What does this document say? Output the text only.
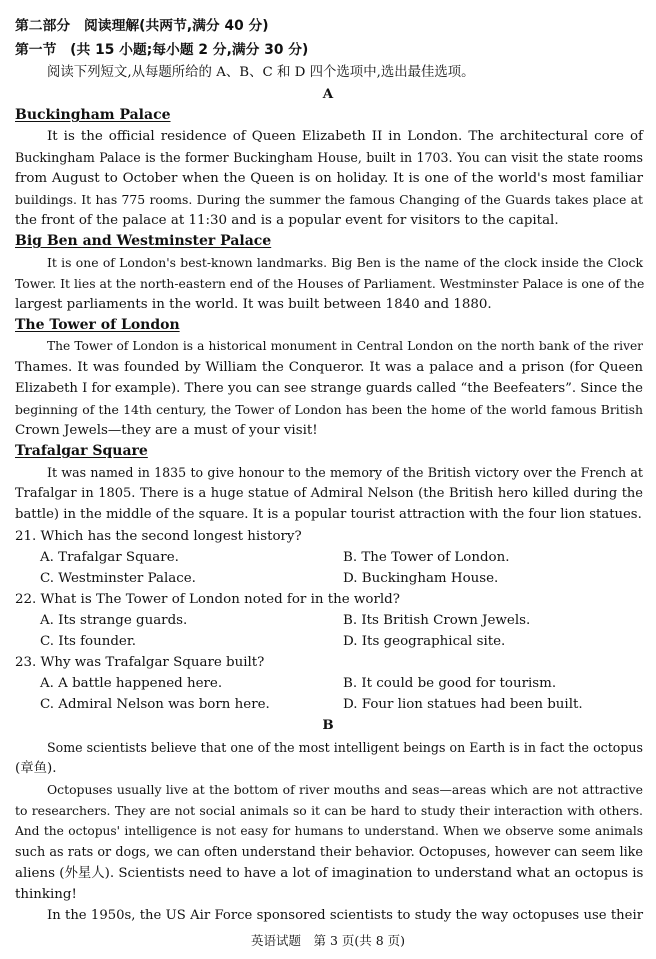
第二部分　阅读理解(共两节,满分 40 分)
第一节　(共 15 小题;每小题 2 分,满分 30 分)
阅读下列短文,从每题所给的 A、B、C 和 D 四个选项中,选出最佳选项。
A
Buckingham Palace
It is the official residence of Queen Elizabeth II in London. The architectural core of
Buckingham Palace is the former Buckingham House, built in 1703. You can visit the state rooms
from August to October when the Queen is on holiday. It is one of the world's most familiar
buildings. It has 775 rooms. During the summer the famous Changing of the Guards takes place at
the front of the palace at 11:30 and is a popular event for visitors to the capital.
Big Ben and Westminster Palace
It is one of London's best-known landmarks. Big Ben is the name of the clock inside the Clock
Tower. It lies at the north-eastern end of the Houses of Parliament. Westminster Palace is one of the
largest parliaments in the world. It was built between 1840 and 1880.
The Tower of London
The Tower of London is a historical monument in Central London on the north bank of the river
Thames. It was founded by William the Conqueror. It was a palace and a prison (for Queen
Elizabeth I for example). There you can see strange guards called “the Beefeaters”. Since the
beginning of the 14th century, the Tower of London has been the home of the world famous British
Crown Jewels—they are a must of your visit!
Trafalgar Square
It was named in 1835 to give honour to the memory of the British victory over the French at
Trafalgar in 1805. There is a huge statue of Admiral Nelson (the British hero killed during the
battle) in the middle of the square. It is a popular tourist attraction with the four lion statues.
21. Which has the second longest history?
A. Trafalgar Square.	B. The Tower of London.
C. Westminster Palace.	D. Buckingham House.
22. What is The Tower of London noted for in the world?
A. Its strange guards.	B. Its British Crown Jewels.
C. Its founder.	D. Its geographical site.
23. Why was Trafalgar Square built?
A. A battle happened here.	B. It could be good for tourism.
C. Admiral Nelson was born here.	D. Four lion statues had been built.
B
Some scientists believe that one of the most intelligent beings on Earth is in fact the octopus
(章鱼).
Octopuses usually live at the bottom of river mouths and seas—areas which are not attractive
to researchers. They are not social animals so it can be hard to study their interaction with others.
And the octopus' intelligence is not easy for humans to understand. When we observe some animals
such as rats or dogs, we can often understand their behavior. Octopuses, however can seem like
aliens (外星人). Scientists need to have a lot of imagination to understand what an octopus is
thinking!
In the 1950s, the US Air Force sponsored scientists to study the way octopuses use their
英语试题　第 3 页(共 8 页)
